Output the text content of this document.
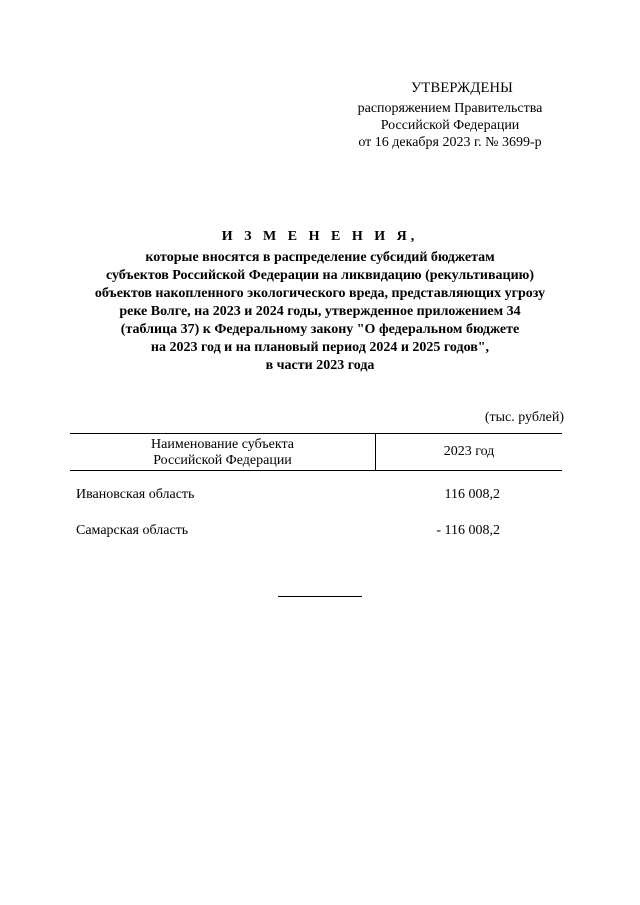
УТВЕРЖДЕНЫ
распоряжением Правительства
Российской Федерации
от 16 декабря 2023 г. № 3699-р
И З М Е Н Е Н И Я,
которые вносятся в распределение субсидий бюджетам
субъектов Российской Федерации на ликвидацию (рекультивацию)
объектов накопленного экологического вреда, представляющих угрозу
реке Волге, на 2023 и 2024 годы, утвержденное приложением 34
(таблица 37) к Федеральному закону "О федеральном бюджете
на 2023 год и на плановый период 2024 и 2025 годов",
в части 2023 года
(тыс. рублей)
Наименование субъекта
Российской Федерации
2023 год
Ивановская область	116 008,2
Самарская область	- 116 008,2
